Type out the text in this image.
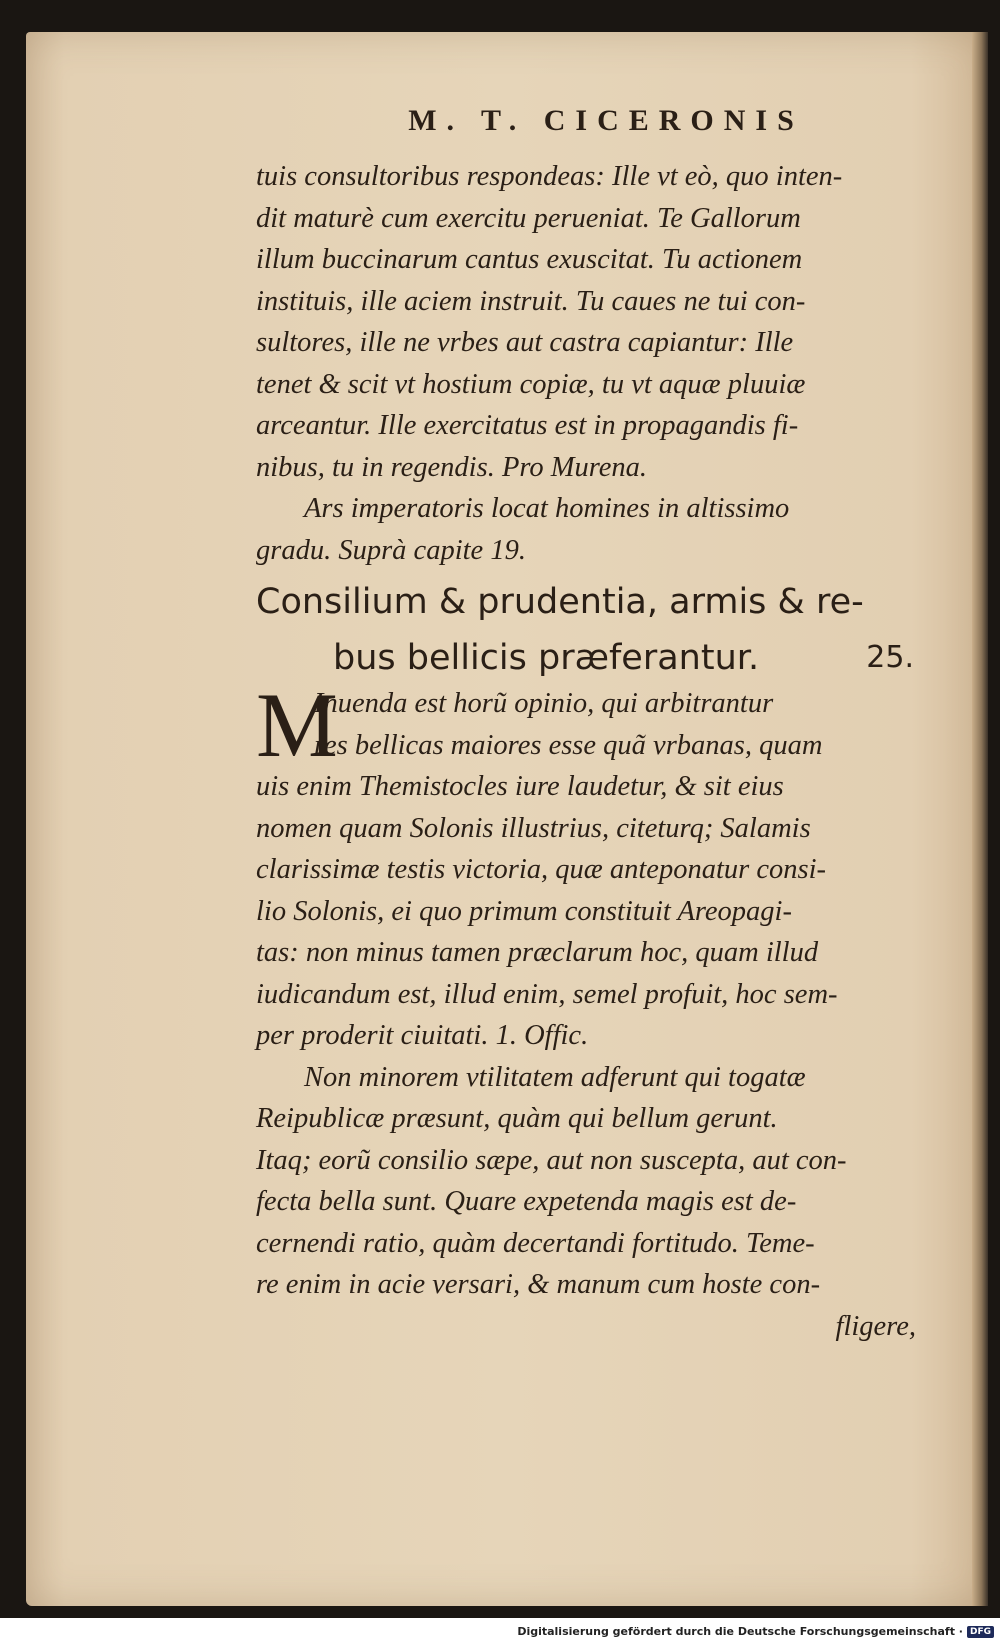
M. T. CICERONIS
tuis consultoribus respondeas: Ille vt eò, quo inten-
dit maturè cum exercitu perueniat. Te Gallorum
illum buccinarum cantus exuscitat. Tu actionem
instituis, ille aciem instruit. Tu caues ne tui con-
sultores, ille ne vrbes aut castra capiantur: Ille
tenet & scit vt hostium copiæ, tu vt aquæ pluuiæ
arceantur. Ille exercitatus est in propagandis fi-
nibus, tu in regendis. Pro Murena.
Ars imperatoris locat homines in altissimo
gradu. Suprà capite 19.
Consilium & prudentia, armis & re-
bus bellicis præferantur.	25.
M
Inuenda est horũ opinio, qui arbitrantur
res bellicas maiores esse quã vrbanas, quam
uis enim Themistocles iure laudetur, & sit eius
nomen quam Solonis illustrius, citeturq; Salamis
clarissimæ testis victoria, quæ anteponatur consi-
lio Solonis, ei quo primum constituit Areopagi-
tas: non minus tamen præclarum hoc, quam illud
iudicandum est, illud enim, semel profuit, hoc sem-
per proderit ciuitati. 1. Offic.
Non minorem vtilitatem adferunt qui togatæ
Reipublicæ præsunt, quàm qui bellum gerunt.
Itaq; eorũ consilio sæpe, aut non suscepta, aut con-
fecta bella sunt. Quare expetenda magis est de-
cernendi ratio, quàm decertandi fortitudo. Teme-
re enim in acie versari, & manum cum hoste con-
fligere,
Digitalisierung gefördert durch die Deutsche Forschungsgemeinschaft · DFG
